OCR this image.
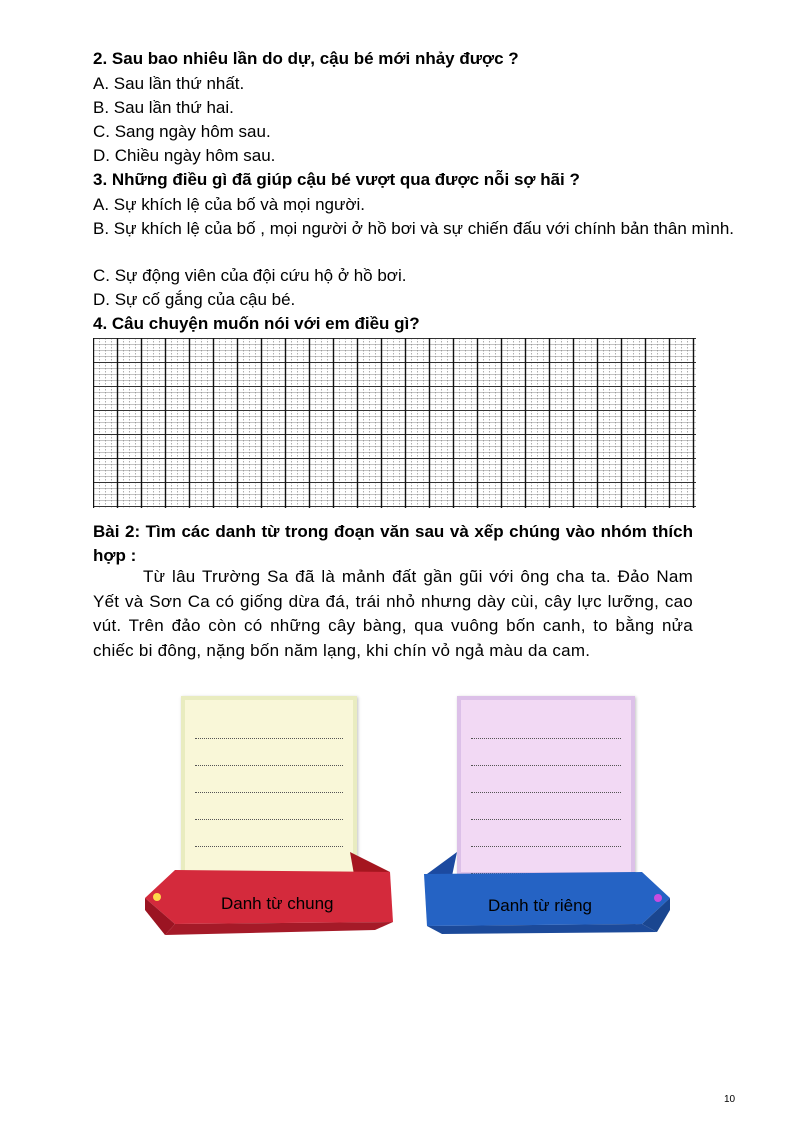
2. Sau bao nhiêu lần do dự, cậu bé mới nhảy được ?
A. Sau lần thứ nhất.
B. Sau lần thứ hai.
C. Sang ngày hôm sau.
D. Chiều ngày hôm sau.
3. Những điều gì đã giúp cậu bé vượt qua được nỗi sợ hãi ?
A. Sự khích lệ của bố và mọi người.
B. Sự khích lệ của bố , mọi người ở hồ bơi và sự chiến đấu với chính bản thân mình.
C. Sự động viên của đội cứu hộ ở hồ bơi.
D. Sự cố gắng của cậu bé.
4. Câu chuyện muốn nói với em điều gì?
Bài 2: Tìm các danh từ trong đoạn văn sau và xếp chúng vào nhóm thích hợp :
Từ lâu Trường Sa đã là mảnh đất gần gũi với ông cha ta. Đảo Nam Yết và Sơn Ca có giống dừa đá, trái nhỏ nhưng dày cùi, cây lực lưỡng, cao vút. Trên đảo còn có những cây bàng, qua vuông bốn canh, to bằng nửa chiếc bi đông, nặng bốn năm lạng, khi chín vỏ ngả màu da cam.
Danh từ chung	Danh từ riêng
10
